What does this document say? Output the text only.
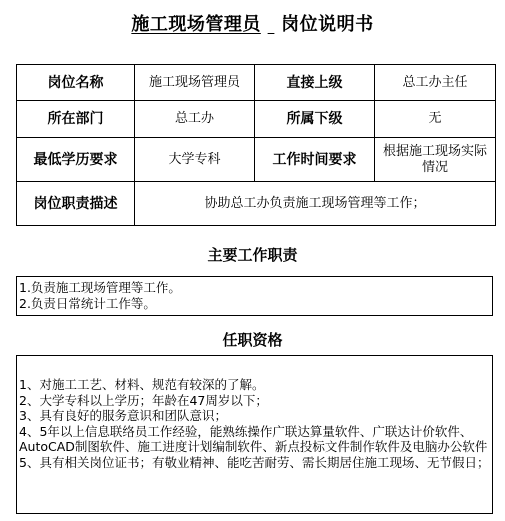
施工现场管理员 岗位说明书
岗位名称	施工现场管理员	直接上级	总工办主任
所在部门	总工办	所属下级	无
最低学历要求	大学专科	工作时间要求	根据施工现场实际情况
岗位职责描述	协助总工办负责施工现场管理等工作；		
主要工作职责
1.负责施工现场管理等工作。
2.负责日常统计工作等。
任职资格
1、对施工工艺、材料、规范有较深的了解。
2、大学专科以上学历；年龄在47周岁以下；
3、具有良好的服务意识和团队意识；
4、5年以上信息联络员工作经验，能熟练操作广联达算量软件、广联达计价软件、AutoCAD制图软件、施工进度计划编制软件、新点投标文件制作软件及电脑办公软件
5、具有相关岗位证书；有敬业精神、能吃苦耐劳、需长期居住施工现场、无节假日；
